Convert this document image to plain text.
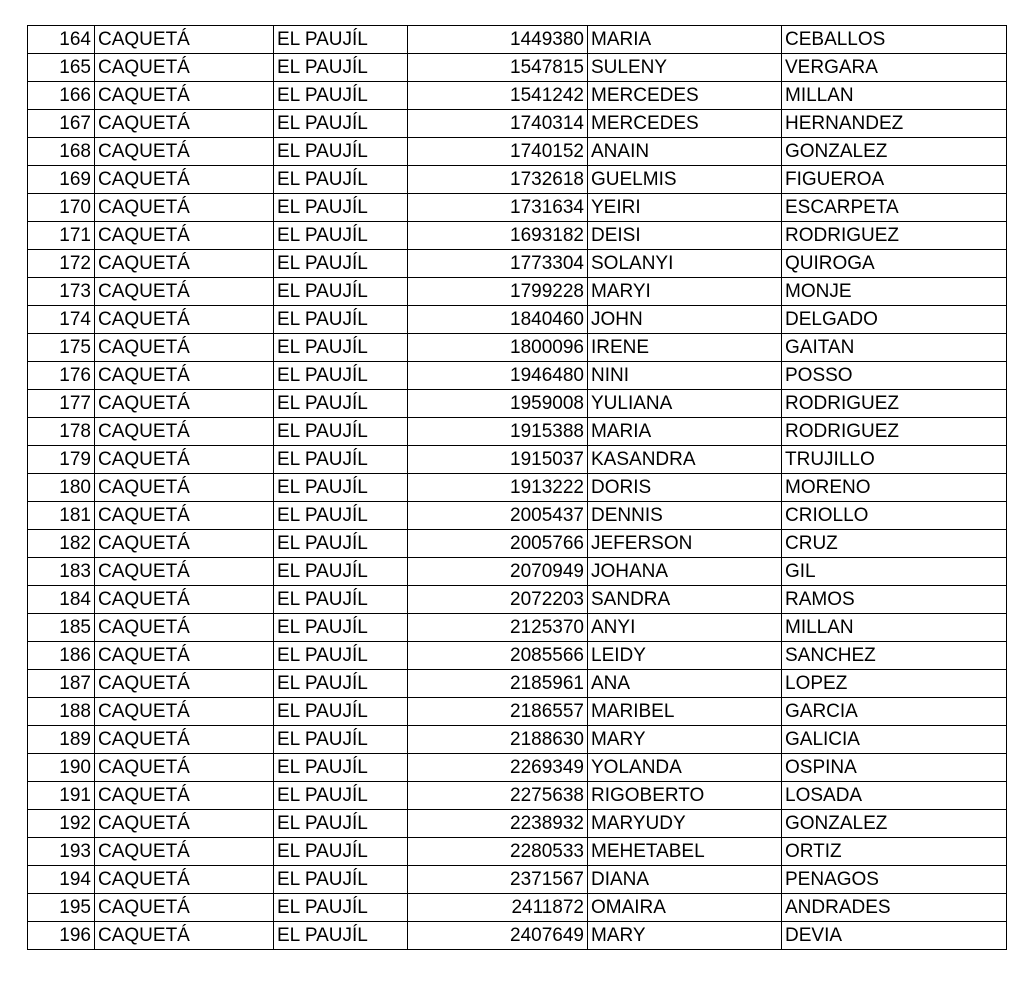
164	CAQUETÁ	EL PAUJÍL	1449380	MARIA	CEBALLOS
165	CAQUETÁ	EL PAUJÍL	1547815	SULENY	VERGARA
166	CAQUETÁ	EL PAUJÍL	1541242	MERCEDES	MILLAN
167	CAQUETÁ	EL PAUJÍL	1740314	MERCEDES	HERNANDEZ
168	CAQUETÁ	EL PAUJÍL	1740152	ANAIN	GONZALEZ
169	CAQUETÁ	EL PAUJÍL	1732618	GUELMIS	FIGUEROA
170	CAQUETÁ	EL PAUJÍL	1731634	YEIRI	ESCARPETA
171	CAQUETÁ	EL PAUJÍL	1693182	DEISI	RODRIGUEZ
172	CAQUETÁ	EL PAUJÍL	1773304	SOLANYI	QUIROGA
173	CAQUETÁ	EL PAUJÍL	1799228	MARYI	MONJE
174	CAQUETÁ	EL PAUJÍL	1840460	JOHN	DELGADO
175	CAQUETÁ	EL PAUJÍL	1800096	IRENE	GAITAN
176	CAQUETÁ	EL PAUJÍL	1946480	NINI	POSSO
177	CAQUETÁ	EL PAUJÍL	1959008	YULIANA	RODRIGUEZ
178	CAQUETÁ	EL PAUJÍL	1915388	MARIA	RODRIGUEZ
179	CAQUETÁ	EL PAUJÍL	1915037	KASANDRA	TRUJILLO
180	CAQUETÁ	EL PAUJÍL	1913222	DORIS	MORENO
181	CAQUETÁ	EL PAUJÍL	2005437	DENNIS	CRIOLLO
182	CAQUETÁ	EL PAUJÍL	2005766	JEFERSON	CRUZ
183	CAQUETÁ	EL PAUJÍL	2070949	JOHANA	GIL
184	CAQUETÁ	EL PAUJÍL	2072203	SANDRA	RAMOS
185	CAQUETÁ	EL PAUJÍL	2125370	ANYI	MILLAN
186	CAQUETÁ	EL PAUJÍL	2085566	LEIDY	SANCHEZ
187	CAQUETÁ	EL PAUJÍL	2185961	ANA	LOPEZ
188	CAQUETÁ	EL PAUJÍL	2186557	MARIBEL	GARCIA
189	CAQUETÁ	EL PAUJÍL	2188630	MARY	GALICIA
190	CAQUETÁ	EL PAUJÍL	2269349	YOLANDA	OSPINA
191	CAQUETÁ	EL PAUJÍL	2275638	RIGOBERTO	LOSADA
192	CAQUETÁ	EL PAUJÍL	2238932	MARYUDY	GONZALEZ
193	CAQUETÁ	EL PAUJÍL	2280533	MEHETABEL	ORTIZ
194	CAQUETÁ	EL PAUJÍL	2371567	DIANA	PENAGOS
195	CAQUETÁ	EL PAUJÍL	2411872	OMAIRA	ANDRADES
196	CAQUETÁ	EL PAUJÍL	2407649	MARY	DEVIA
